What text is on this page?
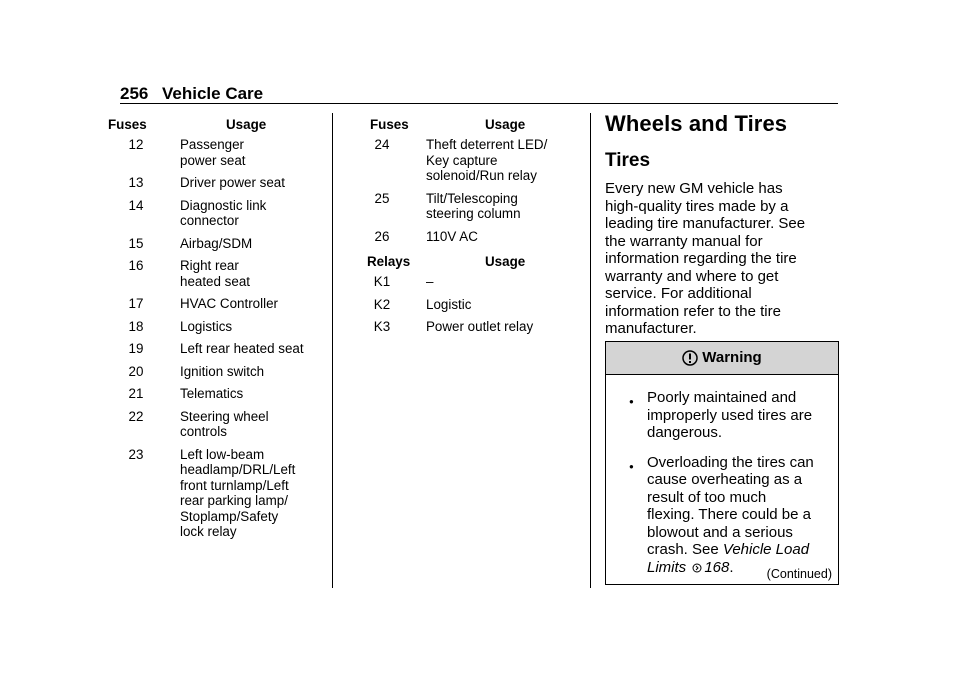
256 Vehicle Care
Fuses	Usage
12	Passenger
power seat
13	Driver power seat
14	Diagnostic link
connector
15	Airbag/SDM
16	Right rear
heated seat
17	HVAC Controller
18	Logistics
19	Left rear heated seat
20	Ignition switch
21	Telematics
22	Steering wheel
controls
23	Left low-beam
headlamp/DRL/Left
front turnlamp/Left
rear parking lamp/
Stoplamp/Safety
lock relay
Fuses	Usage
24	Theft deterrent LED/
Key capture
solenoid/Run relay
25	Tilt/Telescoping
steering column
26	110V AC
Relays	Usage
K1	–
K2	Logistic
K3	Power outlet relay
Wheels and Tires
Tires
Every new GM vehicle has
high-quality tires made by a
leading tire manufacturer. See
the warranty manual for
information regarding the tire
warranty and where to get
service. For additional
information refer to the tire
manufacturer.
Warning
● Poorly maintained and
improperly used tires are
dangerous.
● Overloading the tires can
cause overheating as a
result of too much
flexing. There could be a
blowout and a serious
crash. See Vehicle Load
Limits 168.	(Continued)
